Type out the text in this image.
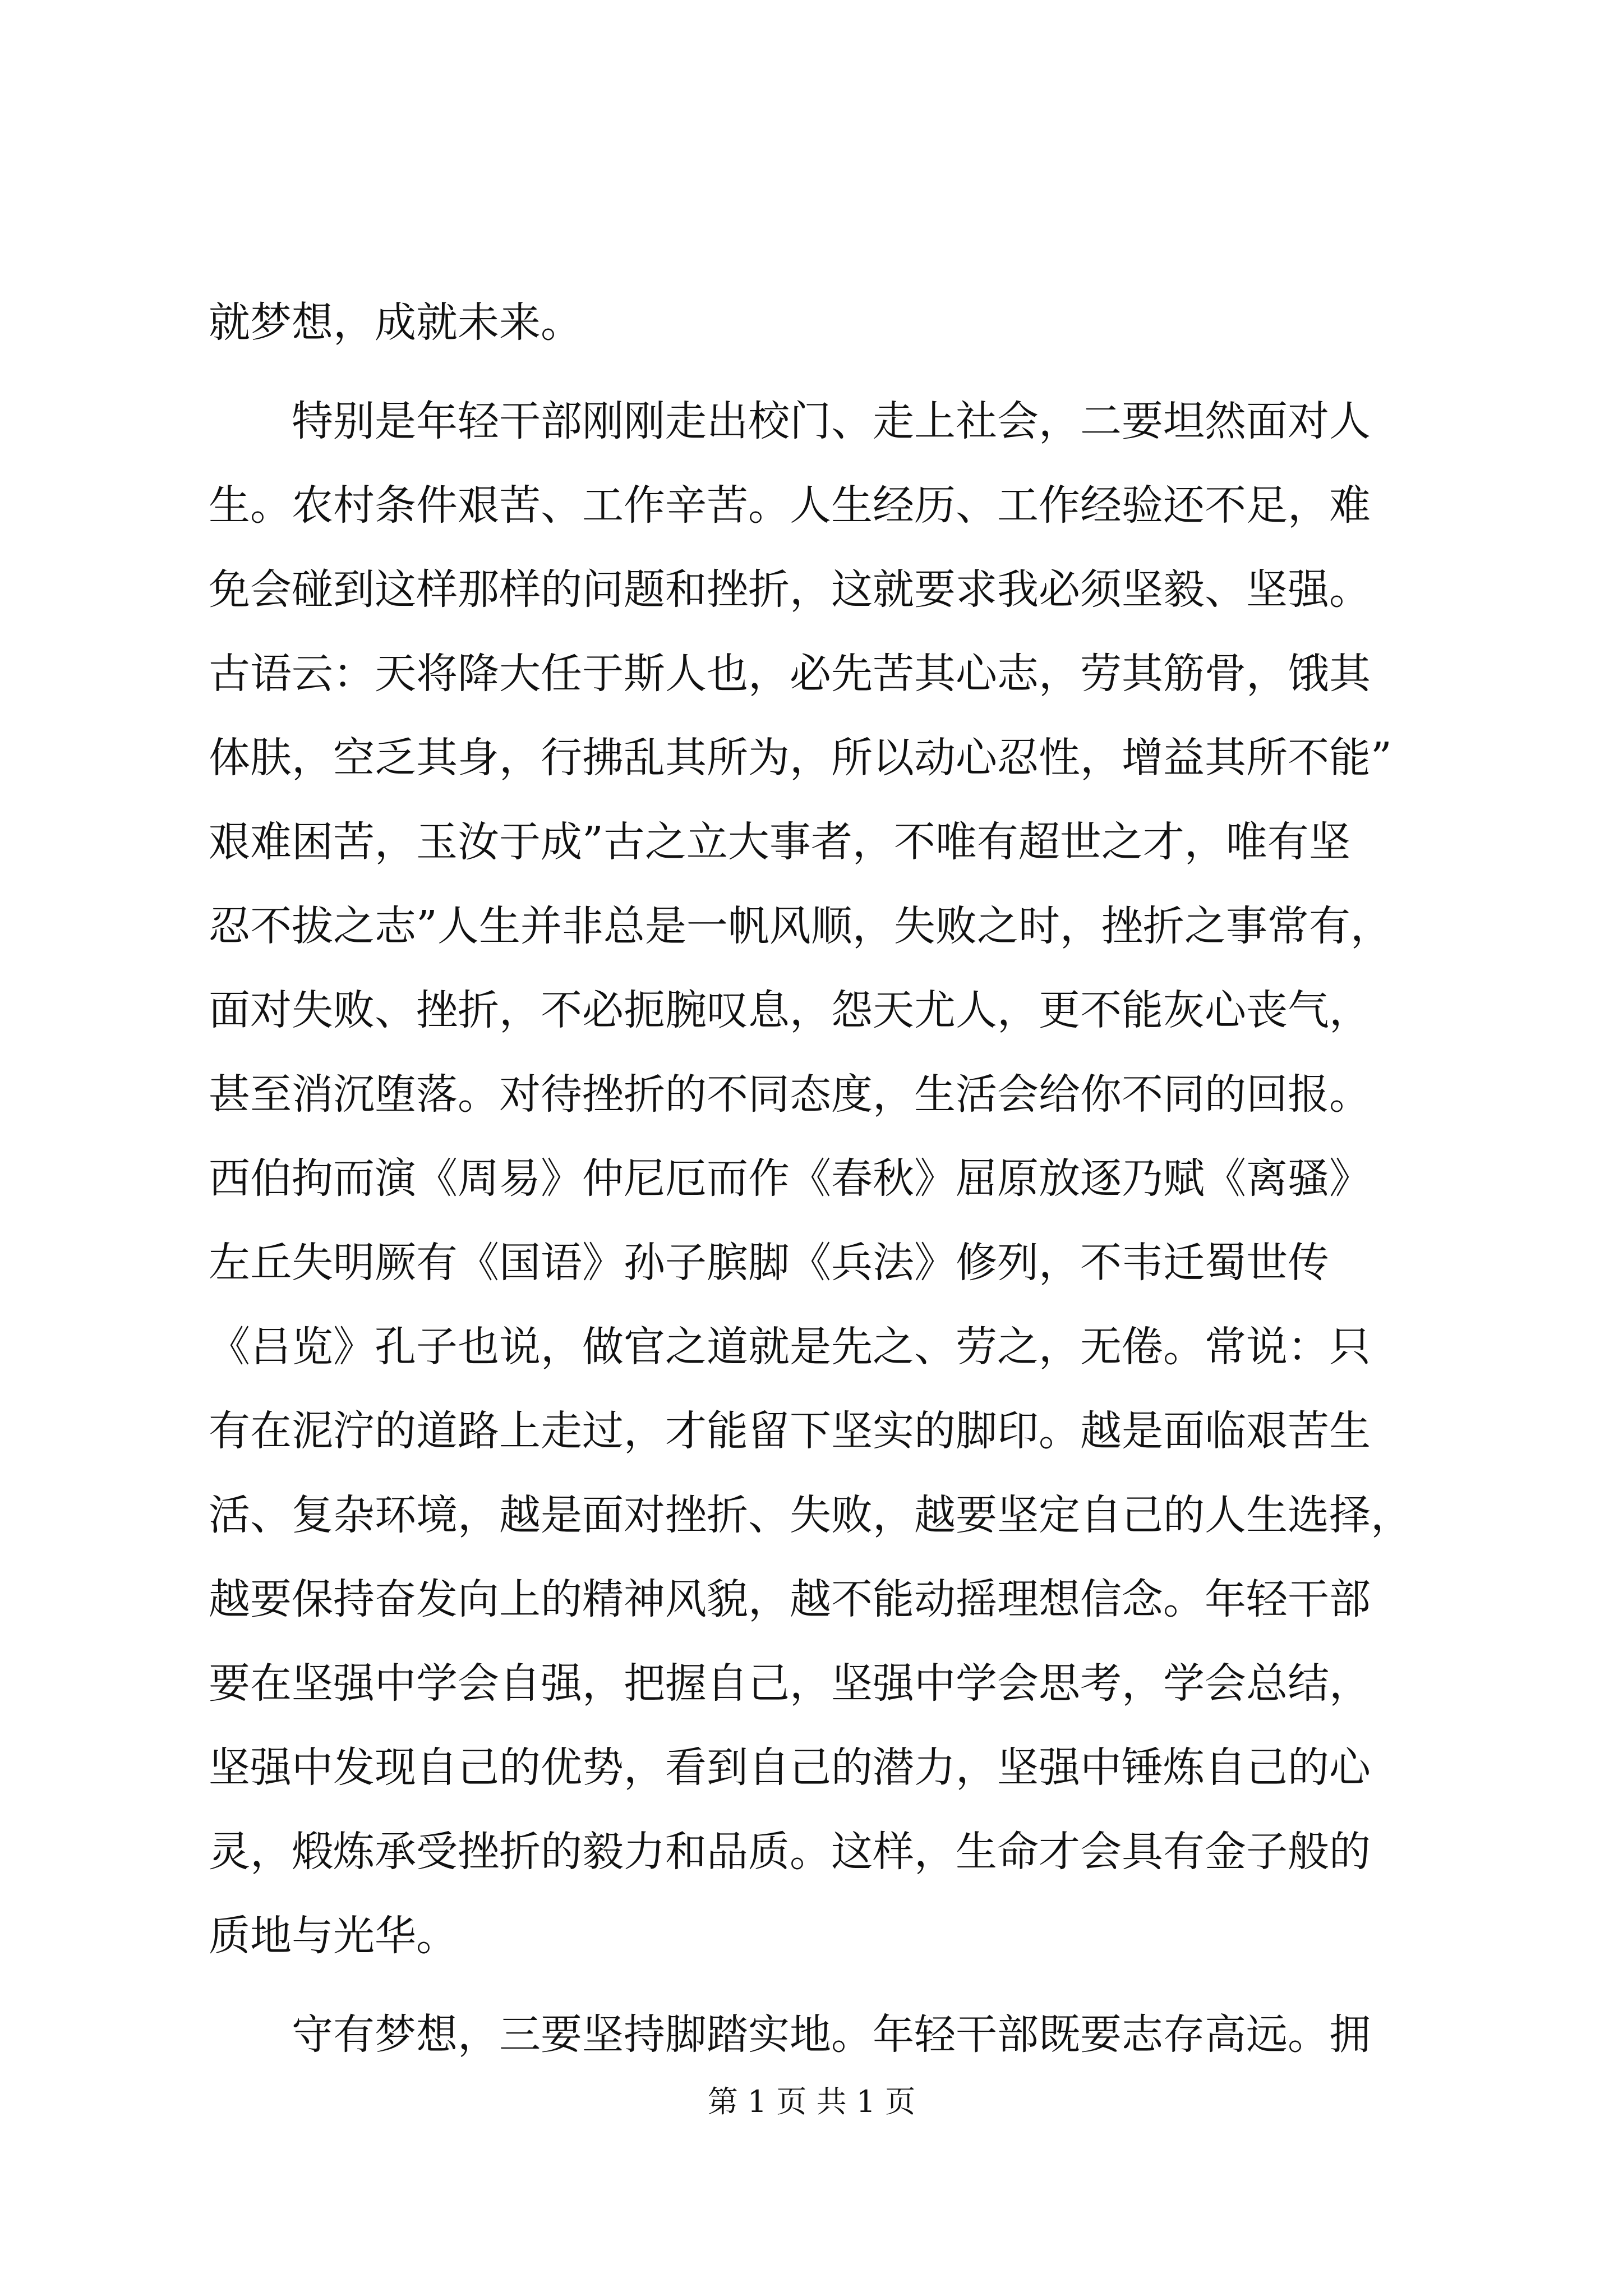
就梦想，成就未来。
特别是年轻干部刚刚走出校门、走上社会，二要坦然面对人
生。农村条件艰苦、工作辛苦。人生经历、工作经验还不足，难
免会碰到这样那样的问题和挫折，这就要求我必须坚毅、坚强。
古语云：天将降大任于斯人也，必先苦其心志，劳其筋骨，饿其
体肤，空乏其身，行拂乱其所为，所以动心忍性，增益其所不能”
艰难困苦，玉汝于成”古之立大事者，不唯有超世之才，唯有坚
忍不拔之志”人生并非总是一帆风顺，失败之时，挫折之事常有，
面对失败、挫折，不必扼腕叹息，怨天尤人，更不能灰心丧气，
甚至消沉堕落。对待挫折的不同态度，生活会给你不同的回报。
西伯拘而演《周易》仲尼厄而作《春秋》屈原放逐乃赋《离骚》
左丘失明厥有《国语》孙子膑脚《兵法》修列，不韦迁蜀世传
《吕览》孔子也说，做官之道就是先之、劳之，无倦。常说：只
有在泥泞的道路上走过，才能留下坚实的脚印。越是面临艰苦生
活、复杂环境，越是面对挫折、失败，越要坚定自己的人生选择，
越要保持奋发向上的精神风貌，越不能动摇理想信念。年轻干部
要在坚强中学会自强，把握自己，坚强中学会思考，学会总结，
坚强中发现自己的优势，看到自己的潜力，坚强中锤炼自己的心
灵，煅炼承受挫折的毅力和品质。这样，生命才会具有金子般的
质地与光华。
守有梦想，三要坚持脚踏实地。年轻干部既要志存高远。拥
第 1 页 共 1 页
